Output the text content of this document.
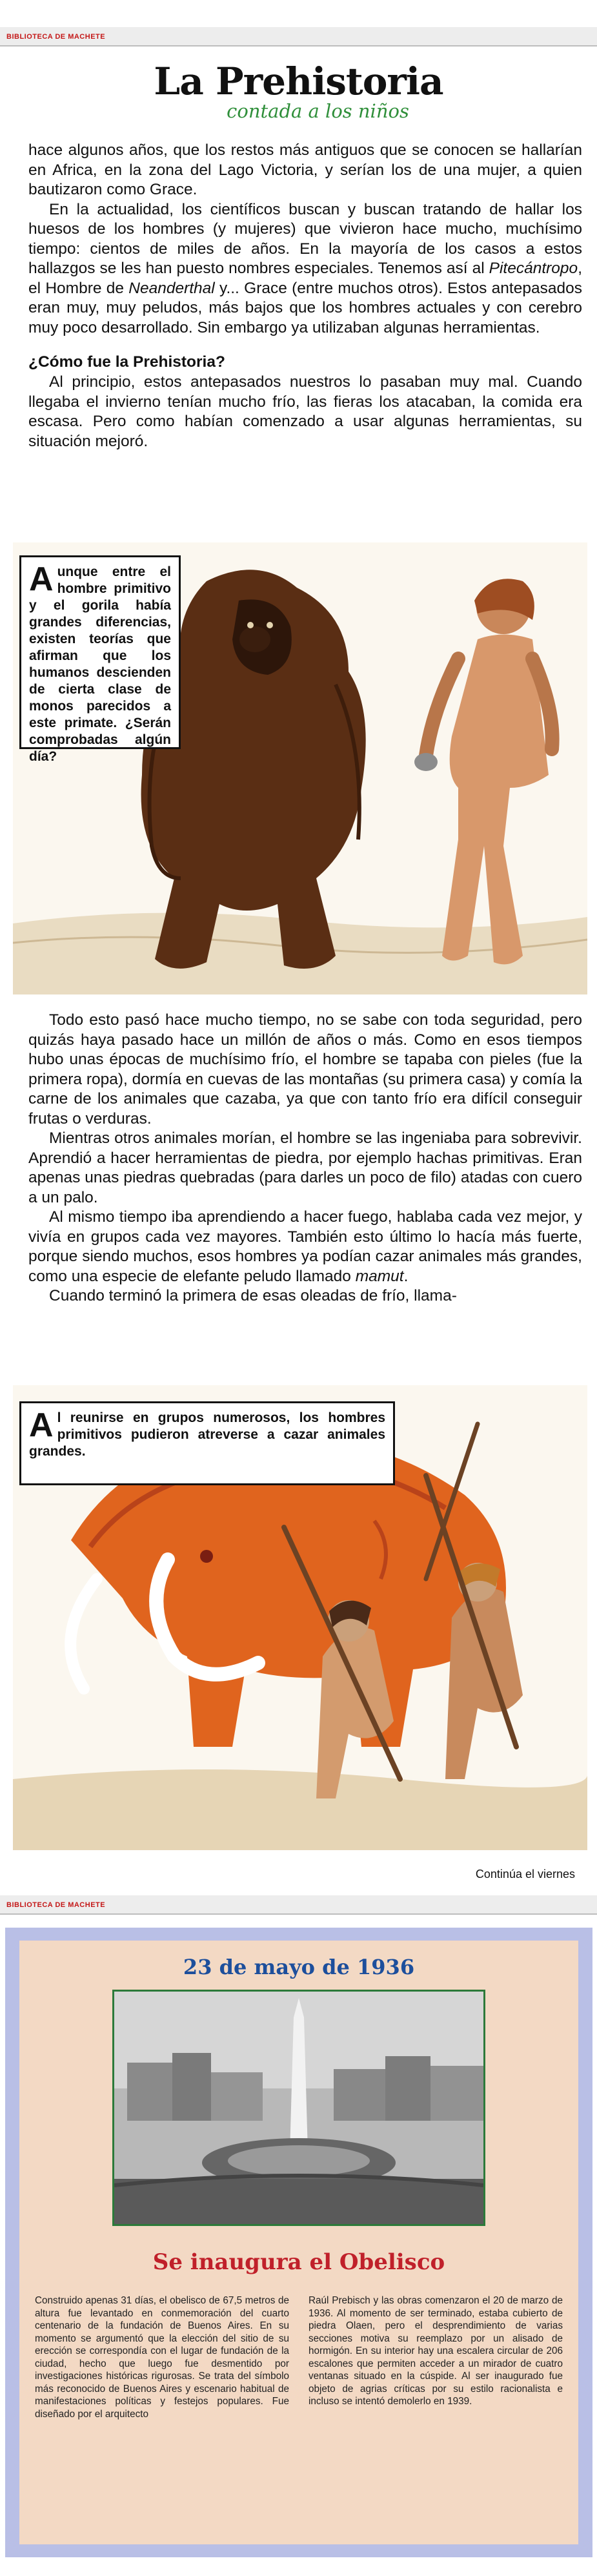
BIBLIOTECA DE MACHETE
La Prehistoria
contada a los niños

hace algunos años, que los restos más antiguos que se conocen se hallarían en Africa, en la zona del Lago Victoria, y serían los de una mujer, a quien bautizaron como Grace.

En la actualidad, los científicos buscan y buscan tratando de hallar los huesos de los hombres (y mujeres) que vivieron hace mucho, muchísimo tiempo: cientos de miles de años. En la mayoría de los casos a estos hallazgos se les han puesto nombres especiales. Tenemos así al Pitecántropo, el Hombre de Neanderthal y... Grace (entre muchos otros). Estos antepasados eran muy, muy peludos, más bajos que los hombres actuales y con cerebro muy poco desarrollado. Sin embargo ya utilizaban algunas herramientas.

¿Cómo fue la Prehistoria?

Al principio, estos antepasados nuestros lo pasaban muy mal. Cuando llegaba el invierno tenían mucho frío, las fieras los atacaban, la comida era escasa. Pero como habían comenzado a usar algunas herramientas, su situación mejoró.

Aunque entre el hombre primitivo y el gorila había grandes diferencias, existen teorías que afirman que los humanos descienden de cierta clase de monos parecidos a este primate. ¿Serán comprobadas algún día?

Todo esto pasó hace mucho tiempo, no se sabe con toda seguridad, pero quizás haya pasado hace un millón de años o más. Como en esos tiempos hubo unas épocas de muchísimo frío, el hombre se tapaba con pieles (fue la primera ropa), dormía en cuevas de las montañas (su primera casa) y comía la carne de los animales que cazaba, ya que con tanto frío era difícil conseguir frutas o verduras.

Mientras otros animales morían, el hombre se las ingeniaba para sobrevivir. Aprendió a hacer herramientas de piedra, por ejemplo hachas primitivas. Eran apenas unas piedras quebradas (para darles un poco de filo) atadas con cuero a un palo.

Al mismo tiempo iba aprendiendo a hacer fuego, hablaba cada vez mejor, y vivía en grupos cada vez mayores. También esto último lo hacía más fuerte, porque siendo muchos, esos hombres ya podían cazar animales más grandes, como una especie de elefante peludo llamado mamut.

Cuando terminó la primera de esas oleadas de frío, llama-

Al reunirse en grupos numerosos, los hombres primitivos pudieron atreverse a cazar animales grandes.
Continúa el viernes
BIBLIOTECA DE MACHETE
23 de mayo de 1936
Se inaugura el Obelisco
Construido apenas 31 días, el obelisco de 67,5 metros de altura fue levantado en conmemoración del cuarto centenario de la fundación de Buenos Aires. En su momento se argumentó que la elección del sitio de su erección se correspondía con el lugar de fundación de la ciudad, hecho que luego fue desmentido por investigaciones históricas rigurosas. Se trata del símbolo más reconocido de Buenos Aires y escenario habitual de manifestaciones políticas y festejos populares. Fue diseñado por el arquitecto
Raúl Prebisch y las obras comenzaron el 20 de marzo de 1936. Al momento de ser terminado, estaba cubierto de piedra Olaen, pero el desprendimiento de varias secciones motiva su reemplazo por un alisado de hormigón. En su interior hay una escalera circular de 206 escalones que permiten acceder a un mirador de cuatro ventanas situado en la cúspide. Al ser inaugurado fue objeto de agrias críticas por su estilo racionalista e incluso se intentó demolerlo en 1939.
